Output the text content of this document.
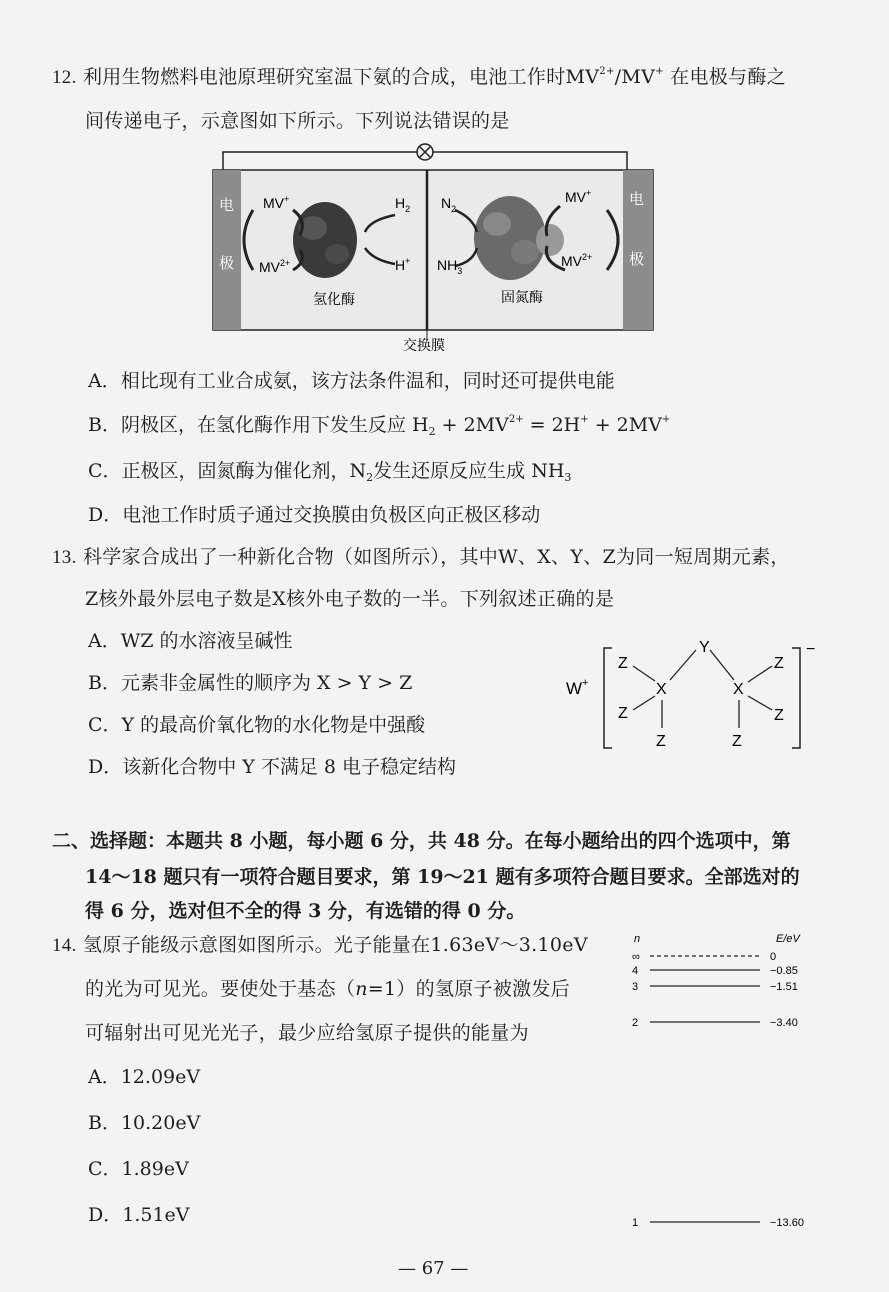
12. 利用生物燃料电池原理研究室温下氨的合成，电池工作时$MV^{2+}/MV^+$ 在电极与酶之
间传递电子，示意图如下所示。下列说法错误的是
电
极
电
极
MV+
$MV^{2+}$
$H_2$
H+
$N_2$
$NH_3$
MV+
$MV^{2+}$
氢化酶	固氮酶
交换膜
A．相比现有工业合成氨，该方法条件温和，同时还可提供电能
B．阴极区，在氢化酶作用下发生反应 $H_2 + 2MV^{2+} = 2H^+ + 2MV^+$
C．正极区，固氮酶为催化剂，$N_2$发生还原反应生成 $NH_3$
D．电池工作时质子通过交换膜由负极区向正极区移动
13. 科学家合成出了一种新化合物（如图所示），其中W、X、Y、Z为同一短周期元素，
Z核外最外层电子数是X核外电子数的一半。下列叙述正确的是
A．WZ 的水溶液呈碱性
B．元素非金属性的顺序为 X > Y > Z
C．Y 的最高价氧化物的水化物是中强酸
D．该新化合物中 Y 不满足 8 电子稳定结构
W+
−
Y
X	X
Z
Z
Z
Z
Z
Z
二、选择题：本题共 8 小题，每小题 6 分，共 48 分。在每小题给出的四个选项中，第
14～18 题只有一项符合题目要求，第 19～21 题有多项符合题目要求。全部选对的
得 6 分，选对但不全的得 3 分，有选错的得 0 分。
14. 氢原子能级示意图如图所示。光子能量在1.63eV～3.10eV
的光为可见光。要使处于基态（n=1）的氢原子被激发后
可辐射出可见光光子，最少应给氢原子提供的能量为
A．12.09eV
B．10.20eV
C．1.89eV
D．1.51eV
n	E/eV
∞	0
4	−0.85
3	−1.51
2	−3.40
1	−13.60
— 67 —
